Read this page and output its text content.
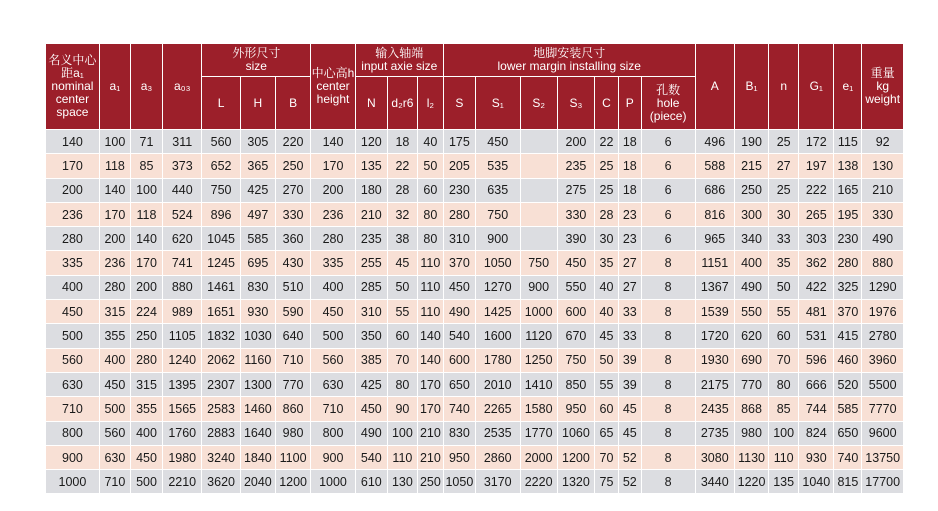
名义中心距a₁
nominal center space	a₁	a₃	a₀₃	外形尺寸
size			中心高h
center height	输入轴端
input axie size			地脚安装尺寸
lower margin installing size							A	B₁	n	G₁	e₁	重量
kg weight

				L	H	B		N	d₂r6	l₂	S	S₁	S₂	S₃	C	P	孔数
hole (piece)						

140	100	71	311	560	305	220	140	120	18	40	175	450		200	22	18	6	496	190	25	172	115	92
170	118	85	373	652	365	250	170	135	22	50	205	535		235	25	18	6	588	215	27	197	138	130
200	140	100	440	750	425	270	200	180	28	60	230	635		275	25	18	6	686	250	25	222	165	210
236	170	118	524	896	497	330	236	210	32	80	280	750		330	28	23	6	816	300	30	265	195	330
280	200	140	620	1045	585	360	280	235	38	80	310	900		390	30	23	6	965	340	33	303	230	490
335	236	170	741	1245	695	430	335	255	45	110	370	1050	750	450	35	27	8	1151	400	35	362	280	880
400	280	200	880	1461	830	510	400	285	50	110	450	1270	900	550	40	27	8	1367	490	50	422	325	1290
450	315	224	989	1651	930	590	450	310	55	110	490	1425	1000	600	40	33	8	1539	550	55	481	370	1976
500	355	250	1105	1832	1030	640	500	350	60	140	540	1600	1120	670	45	33	8	1720	620	60	531	415	2780
560	400	280	1240	2062	1160	710	560	385	70	140	600	1780	1250	750	50	39	8	1930	690	70	596	460	3960
630	450	315	1395	2307	1300	770	630	425	80	170	650	2010	1410	850	55	39	8	2175	770	80	666	520	5500
710	500	355	1565	2583	1460	860	710	450	90	170	740	2265	1580	950	60	45	8	2435	868	85	744	585	7770
800	560	400	1760	2883	1640	980	800	490	100	210	830	2535	1770	1060	65	45	8	2735	980	100	824	650	9600
900	630	450	1980	3240	1840	1100	900	540	110	210	950	2860	2000	1200	70	52	8	3080	1130	110	930	740	13750
1000	710	500	2210	3620	2040	1200	1000	610	130	250	1050	3170	2220	1320	75	52	8	3440	1220	135	1040	815	17700
